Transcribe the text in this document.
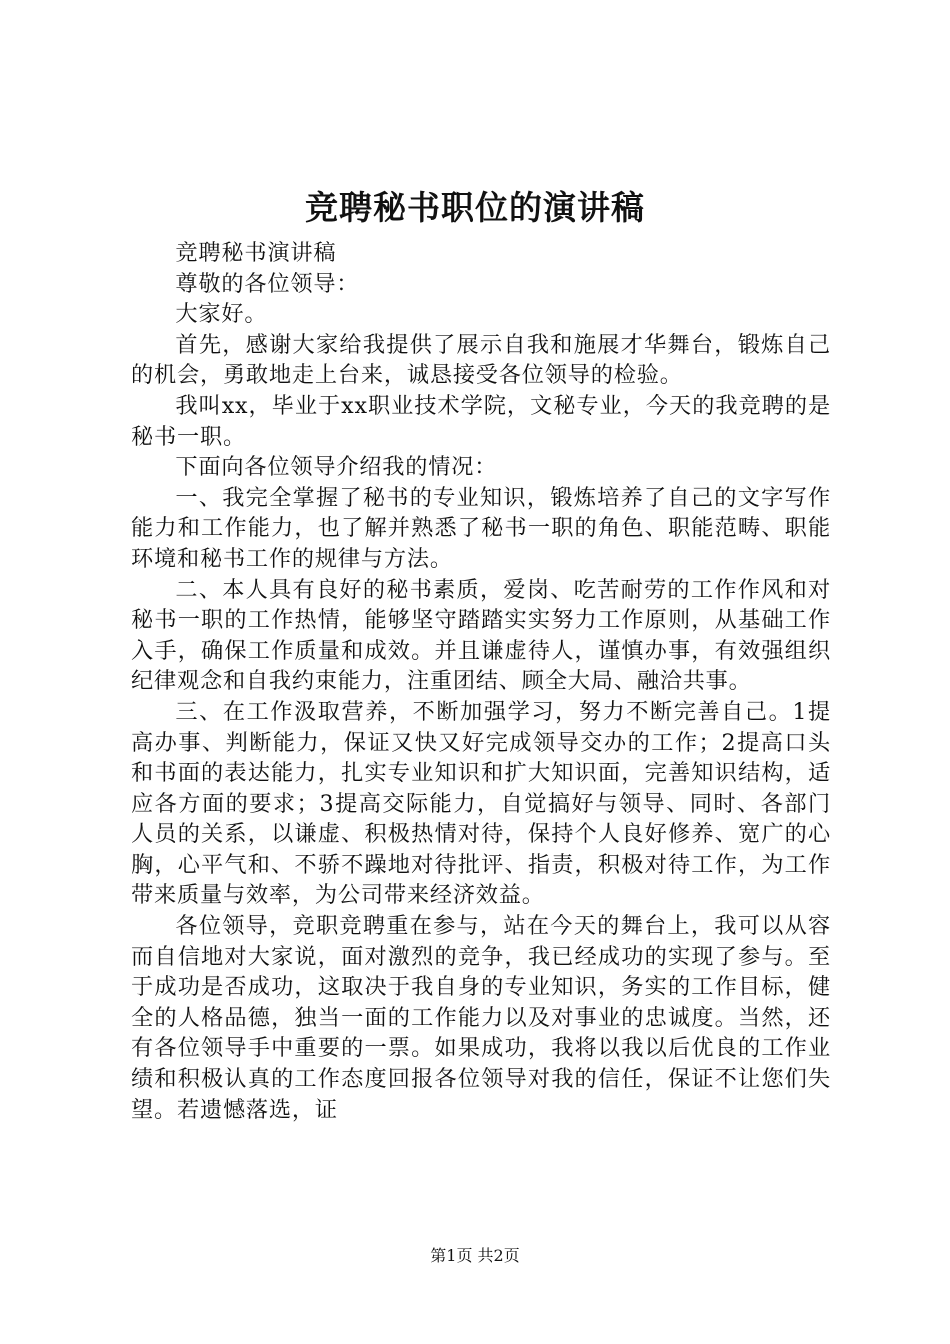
竞聘秘书职位的演讲稿

竞聘秘书演讲稿

尊敬的各位领导：

大家好。

首先，感谢大家给我提供了展示自我和施展才华舞台，锻炼自己的机会，勇敢地走上台来，诚恳接受各位领导的检验。

我叫xx，毕业于xx职业技术学院，文秘专业，今天的我竞聘的是秘书一职。

下面向各位领导介绍我的情况：

一、我完全掌握了秘书的专业知识，锻炼培养了自己的文字写作能力和工作能力，也了解并熟悉了秘书一职的角色、职能范畴、职能环境和秘书工作的规律与方法。

二、本人具有良好的秘书素质，爱岗、吃苦耐劳的工作作风和对秘书一职的工作热情，能够坚守踏踏实实努力工作原则，从基础工作入手，确保工作质量和成效。并且谦虚待人，谨慎办事，有效强组织纪律观念和自我约束能力，注重团结、顾全大局、融洽共事。

三、在工作汲取营养，不断加强学习，努力不断完善自己。1提高办事、判断能力，保证又快又好完成领导交办的工作；2提高口头和书面的表达能力，扎实专业知识和扩大知识面，完善知识结构，适应各方面的要求；3提高交际能力，自觉搞好与领导、同时、各部门人员的关系，以谦虚、积极热情对待，保持个人良好修养、宽广的心胸，心平气和、不骄不躁地对待批评、指责，积极对待工作，为工作带来质量与效率，为公司带来经济效益。

各位领导，竞职竞聘重在参与，站在今天的舞台上，我可以从容而自信地对大家说，面对激烈的竞争，我已经成功的实现了参与。至于成功是否成功，这取决于我自身的专业知识，务实的工作目标，健全的人格品德，独当一面的工作能力以及对事业的忠诚度。当然，还有各位领导手中重要的一票。如果成功，我将以我以后优良的工作业绩和积极认真的工作态度回报各位领导对我的信任，保证不让您们失望。若遗憾落选，证

第1页 共2页
